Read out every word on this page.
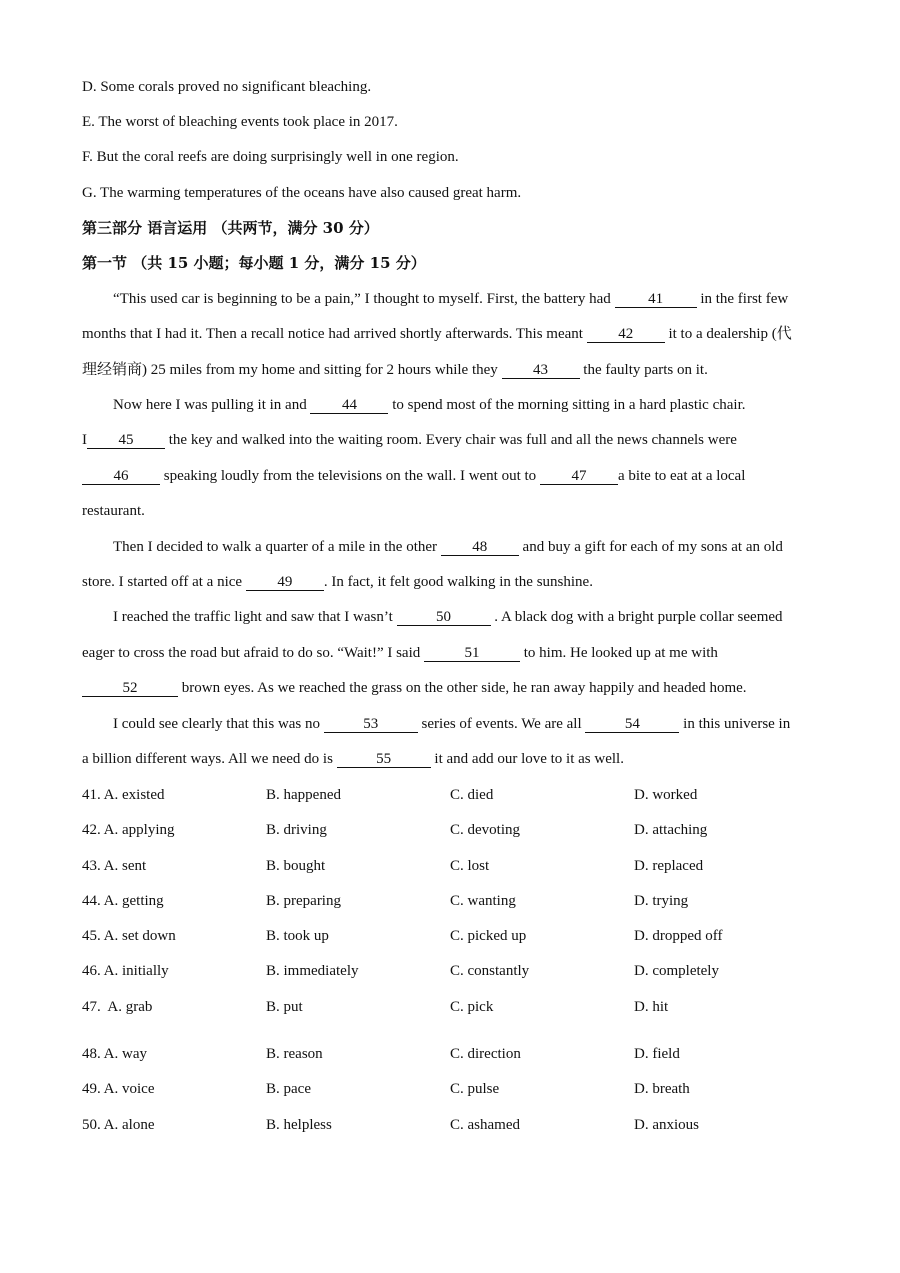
D. Some corals proved no significant bleaching.
E. The worst of bleaching events took place in 2017.
F. But the coral reefs are doing surprisingly well in one region.
G. The warming temperatures of the oceans have also caused great harm.
第三部分 语言运用 （共两节，满分 30 分）
第一节 （共 15 小题；每小题 1 分，满分 15 分）
“This used car is beginning to be a pain,” I thought to myself. First, the battery had 41 in the first few
months that I had it. Then a recall notice had arrived shortly afterwards. This meant 42 it to a dealership (代
理经销商) 25 miles from my home and sitting for 2 hours while they 43 the faulty parts on it.
Now here I was pulling it in and 44 to spend most of the morning sitting in a hard plastic chair.
I 45 the key and walked into the waiting room. Every chair was full and all the news channels were
46 speaking loudly from the televisions on the wall. I went out to 47 a bite to eat at a local
restaurant.
Then I decided to walk a quarter of a mile in the other 48 and buy a gift for each of my sons at an old
store. I started off at a nice 49 . In fact, it felt good walking in the sunshine.
I reached the traffic light and saw that I wasn’t	50	. A black dog with a bright purple collar seemed
eager to cross the road but afraid to do so. “Wait!” I said	51	to him. He looked up at me with
52	brown eyes. As we reached the grass on the other side, he ran away happily and headed home.
I could see clearly that this was no	53	series of events. We are all	54	in this universe in
a billion different ways. All we need do is	55	it and add our love to it as well.
41. A. existed	B. happened	C. died	D. worked
42. A. applying	B. driving	C. devoting	D. attaching
43. A. sent	B. bought	C. lost	D. replaced
44. A. getting	B. preparing	C. wanting	D. trying
45. A. set down	B. took up	C. picked up	D. dropped off
46. A. initially	B. immediately	C. constantly	D. completely
47.  A. grab	B. put	C. pick	D. hit
48. A. way	B. reason	C. direction	D. field
49. A. voice	B. pace	C. pulse	D. breath
50. A. alone	B. helpless	C. ashamed	D. anxious
